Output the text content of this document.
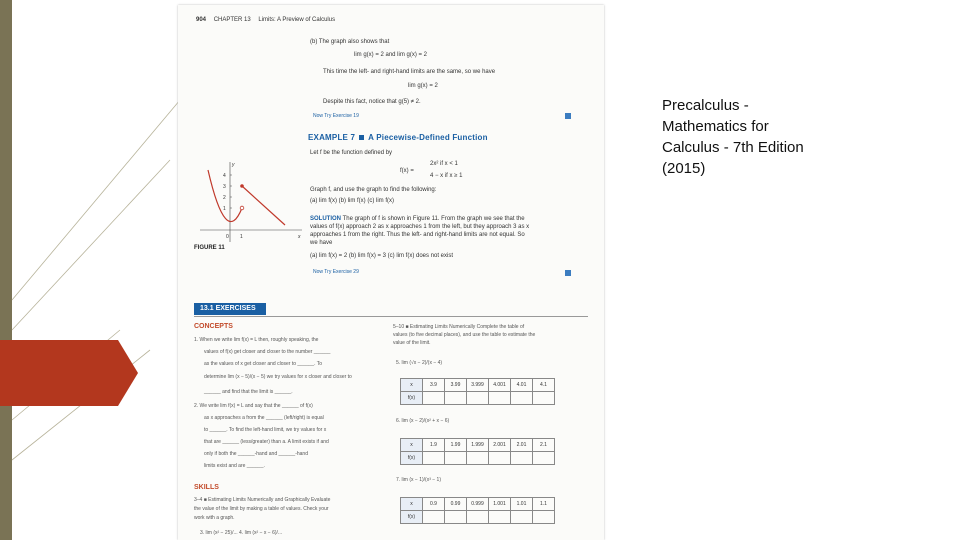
904 CHAPTER 13 Limits: A Preview of Calculus
(b) The graph also shows that
lim g(x) = 2 and lim g(x) = 2
This time the left- and right-hand limits are the same, so we have
lim g(x) = 2
Despite this fact, notice that g(5) ≠ 2.
Now Try Exercise 19
EXAMPLE 7 A Piecewise-Defined Function
Let f be the function defined by
f(x) =
2x² if x < 1
4 − x if x ≥ 1
Graph f, and use the graph to find the following:
(a) lim f(x) (b) lim f(x) (c) lim f(x)
SOLUTION The graph of f is shown in Figure 11. From the graph we see that the
values of f(x) approach 2 as x approaches 1 from the left, but they approach 3 as x
approaches 1 from the right. Thus the left- and right-hand limits are not equal. So
we have
(a) lim f(x) = 2 (b) lim f(x) = 3 (c) lim f(x) does not exist
Now Try Exercise 29
4
3
2
1
y
x
0 1
FIGURE 11
13.1 EXERCISES
CONCEPTS
1. When we write lim f(x) = L then, roughly speaking, the
values of f(x) get closer and closer to the number ______
as the values of x get closer and closer to ______. To
determine lim (x − 5)/(x − 5) we try values for x closer and closer to
______ and find that the limit is ______.
2. We write lim f(x) = L and say that the ______ of f(x)
as x approaches a from the ______ (left/right) is equal
to ______. To find the left-hand limit, we try values for x
that are ______ (less/greater) than a. A limit exists if and
only if both the ______-hand and ______-hand
limits exist and are ______.
SKILLS
3–4 ■ Estimating Limits Numerically and Graphically Evaluate
the value of the limit by making a table of values. Check your
work with a graph.
3. lim (x² − 25)/... 4. lim (x² − x − 6)/...
5–10 ■ Estimating Limits Numerically Complete the table of
values (to five decimal places), and use the table to estimate the
value of the limit.
5. lim (√x − 2)/(x − 4)
x	3.9	3.99	3.999	4.001	4.01	4.1
f(x)						
6. lim (x − 2)/(x² + x − 6)
x	1.9	1.99	1.999	2.001	2.01	2.1
f(x)						
7. lim (x − 1)/(x³ − 1)
x	0.9	0.99	0.999	1.001	1.01	1.1
f(x)						
Precalculus -
Mathematics for
Calculus - 7th Edition
(2015)
